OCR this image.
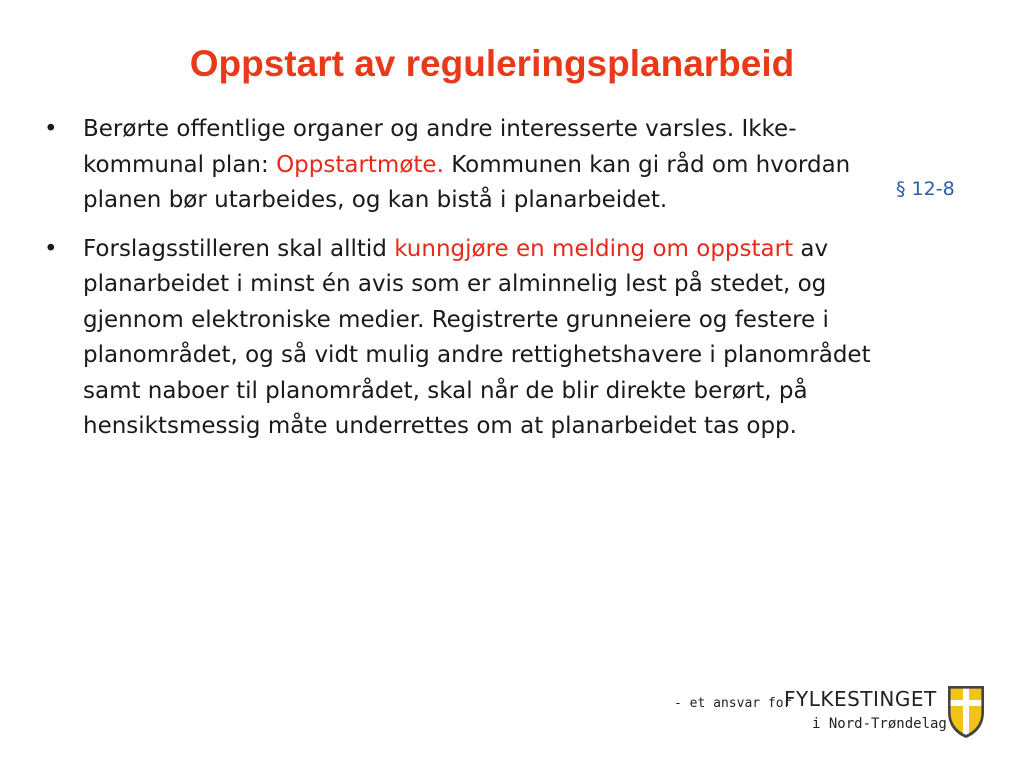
Oppstart av reguleringsplanarbeid
• Berørte offentlige organer og andre interesserte varsles. Ikke-kommunal plan: Oppstartmøte. Kommunen kan gi råd om hvordan planen bør utarbeides, og kan bistå i planarbeidet.
• Forslagsstilleren skal alltid kunngjøre en melding om oppstart av planarbeidet i minst én avis som er alminnelig lest på stedet, og gjennom elektroniske medier. Registrerte grunneiere og festere i planområdet, og så vidt mulig andre rettighetshavere i planområdet samt naboer til planområdet, skal når de blir direkte berørt, på hensiktsmessig måte underrettes om at planarbeidet tas opp.
§ 12-8
- et ansvar for
FYLKESTINGET
i Nord-Trøndelag
